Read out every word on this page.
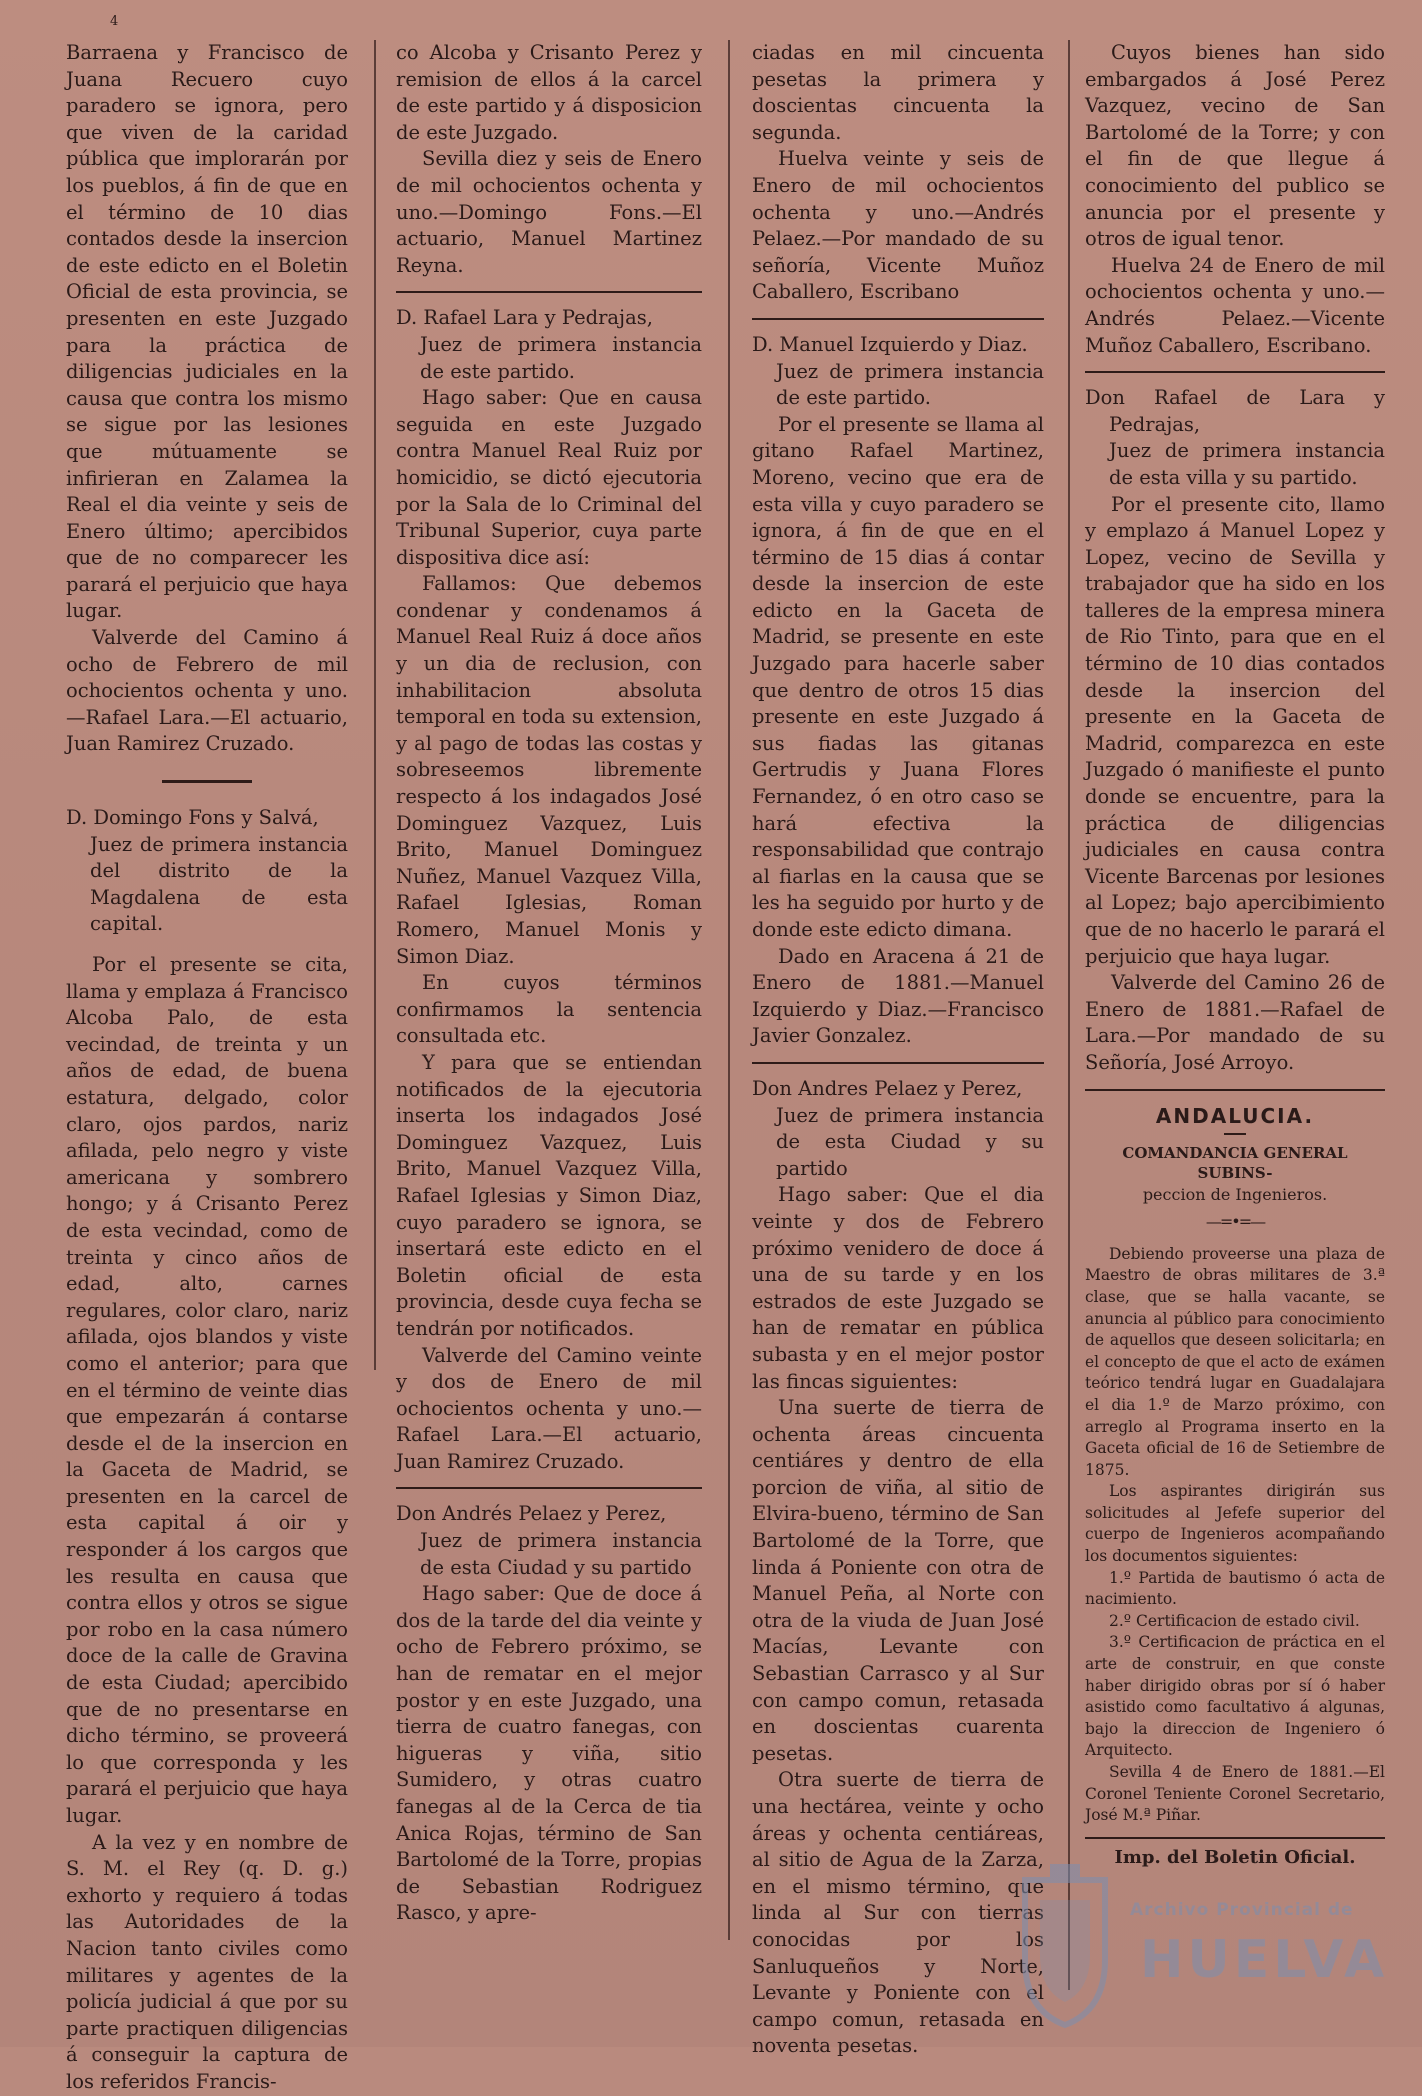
4

Barraena y Francisco de Juana Recuero cuyo paradero se ignora, pero que viven de la caridad pública que implorarán por los pueblos, á fin de que en el término de 10 dias contados desde la insercion de este edicto en el Boletin Oficial de esta provincia, se presenten en este Juzgado para la práctica de diligencias judiciales en la causa que contra los mismo se sigue por las lesiones que mútuamente se infirieran en Zalamea la Real el dia veinte y seis de Enero último; apercibidos que de no comparecer les parará el perjuicio que haya lugar.

Valverde del Camino á ocho de Febrero de mil ochocientos ochenta y uno.—Rafael Lara.—El actuario, Juan Ramirez Cruzado.

D. Domingo Fons y Salvá,
Juez de primera instancia del distrito de la Magdalena de esta capital.

Por el presente se cita, llama y emplaza á Francisco Alcoba Palo, de esta vecindad, de treinta y un años de edad, de buena estatura, delgado, color claro, ojos pardos, nariz afilada, pelo negro y viste americana y sombrero hongo; y á Crisanto Perez de esta vecindad, como de treinta y cinco años de edad, alto, carnes regulares, color claro, nariz afilada, ojos blandos y viste como el anterior; para que en el término de veinte dias que empezarán á contarse desde el de la insercion en la Gaceta de Madrid, se presenten en la carcel de esta capital á oir y responder á los cargos que les resulta en causa que contra ellos y otros se sigue por robo en la casa número doce de la calle de Gravina de esta Ciudad; apercibido que de no presentarse en dicho término, se proveerá lo que corresponda y les parará el perjuicio que haya lugar.

A la vez y en nombre de S. M. el Rey (q. D. g.) exhorto y requiero á todas las Autoridades de la Nacion tanto civiles como militares y agentes de la policía judicial á que por su parte practiquen diligencias á conseguir la captura de los referidos Francis-

co Alcoba y Crisanto Perez y remision de ellos á la carcel de este partido y á disposicion de este Juzgado.

Sevilla diez y seis de Enero de mil ochocientos ochenta y uno.—Domingo Fons.—El actuario, Manuel Martinez Reyna.

D. Rafael Lara y Pedrajas,
Juez de primera instancia de este partido.

Hago saber: Que en causa seguida en este Juzgado contra Manuel Real Ruiz por homicidio, se dictó ejecutoria por la Sala de lo Criminal del Tribunal Superior, cuya parte dispositiva dice así:

Fallamos: Que debemos condenar y condenamos á Manuel Real Ruiz á doce años y un dia de reclusion, con inhabilitacion absoluta temporal en toda su extension, y al pago de todas las costas y sobreseemos libremente respecto á los indagados José Dominguez Vazquez, Luis Brito, Manuel Dominguez Nuñez, Manuel Vazquez Villa, Rafael Iglesias, Roman Romero, Manuel Monis y Simon Diaz.

En cuyos términos confirmamos la sentencia consultada etc.

Y para que se entiendan notificados de la ejecutoria inserta los indagados José Dominguez Vazquez, Luis Brito, Manuel Vazquez Villa, Rafael Iglesias y Simon Diaz, cuyo paradero se ignora, se insertará este edicto en el Boletin oficial de esta provincia, desde cuya fecha se tendrán por notificados.

Valverde del Camino veinte y dos de Enero de mil ochocientos ochenta y uno.—Rafael Lara.—El actuario, Juan Ramirez Cruzado.

Don Andrés Pelaez y Perez,
Juez de primera instancia de esta Ciudad y su partido

Hago saber: Que de doce á dos de la tarde del dia veinte y ocho de Febrero próximo, se han de rematar en el mejor postor y en este Juzgado, una tierra de cuatro fanegas, con higueras y viña, sitio Sumidero, y otras cuatro fanegas al de la Cerca de tia Anica Rojas, término de San Bartolomé de la Torre, propias de Sebastian Rodriguez Rasco, y apre-

ciadas en mil cincuenta pesetas la primera y doscientas cincuenta la segunda.

Huelva veinte y seis de Enero de mil ochocientos ochenta y uno.—Andrés Pelaez.—Por mandado de su señoría, Vicente Muñoz Caballero, Escribano

D. Manuel Izquierdo y Diaz.
Juez de primera instancia de este partido.

Por el presente se llama al gitano Rafael Martinez, Moreno, vecino que era de esta villa y cuyo paradero se ignora, á fin de que en el término de 15 dias á contar desde la insercion de este edicto en la Gaceta de Madrid, se presente en este Juzgado para hacerle saber que dentro de otros 15 dias presente en este Juzgado á sus fiadas las gitanas Gertrudis y Juana Flores Fernandez, ó en otro caso se hará efectiva la responsabilidad que contrajo al fiarlas en la causa que se les ha seguido por hurto y de donde este edicto dimana.

Dado en Aracena á 21 de Enero de 1881.—Manuel Izquierdo y Diaz.—Francisco Javier Gonzalez.

Don Andres Pelaez y Perez,
Juez de primera instancia de esta Ciudad y su partido

Hago saber: Que el dia veinte y dos de Febrero próximo venidero de doce á una de su tarde y en los estrados de este Juzgado se han de rematar en pública subasta y en el mejor postor las fincas siguientes:

Una suerte de tierra de ochenta áreas cincuenta centiáres y dentro de ella porcion de viña, al sitio de Elvira-bueno, término de San Bartolomé de la Torre, que linda á Poniente con otra de Manuel Peña, al Norte con otra de la viuda de Juan José Macías, Levante con Sebastian Carrasco y al Sur con campo comun, retasada en doscientas cuarenta pesetas.

Otra suerte de tierra de una hectárea, veinte y ocho áreas y ochenta centiáreas, al sitio de Agua de la Zarza, en el mismo término, que linda al Sur con tierras conocidas por los Sanluqueños y Norte, Levante y Poniente con el campo comun, retasada en noventa pesetas.

Cuyos bienes han sido embargados á José Perez Vazquez, vecino de San Bartolomé de la Torre; y con el fin de que llegue á conocimiento del publico se anuncia por el presente y otros de igual tenor.

Huelva 24 de Enero de mil ochocientos ochenta y uno.—Andrés Pelaez.—Vicente Muñoz Caballero, Escribano.

Don Rafael de Lara y Pedrajas,
Juez de primera instancia de esta villa y su partido.

Por el presente cito, llamo y emplazo á Manuel Lopez y Lopez, vecino de Sevilla y trabajador que ha sido en los talleres de la empresa minera de Rio Tinto, para que en el término de 10 dias contados desde la insercion del presente en la Gaceta de Madrid, comparezca en este Juzgado ó manifieste el punto donde se encuentre, para la práctica de diligencias judiciales en causa contra Vicente Barcenas por lesiones al Lopez; bajo apercibimiento que de no hacerlo le parará el perjuicio que haya lugar.

Valverde del Camino 26 de Enero de 1881.—Rafael de Lara.—Por mandado de su Señoría, José Arroyo.

ANDALUCIA.
COMANDANCIA GENERAL SUBINS-
peccion de Ingenieros.
—=•=—

Debiendo proveerse una plaza de Maestro de obras militares de 3.ª clase, que se halla vacante, se anuncia al público para conocimiento de aquellos que deseen solicitarla; en el concepto de que el acto de exámen teórico tendrá lugar en Guadalajara el dia 1.º de Marzo próximo, con arreglo al Programa inserto en la Gaceta oficial de 16 de Setiembre de 1875.

Los aspirantes dirigirán sus solicitudes al Jefefe superior del cuerpo de Ingenieros acompañando los documentos siguientes:

1.º Partida de bautismo ó acta de nacimiento.

2.º Certificacion de estado civil.

3.º Certificacion de práctica en el arte de construir, en que conste haber dirigido obras por sí ó haber asistido como facultativo á algunas, bajo la direccion de Ingeniero ó Arquitecto.

Sevilla 4 de Enero de 1881.—El Coronel Teniente Coronel Secretario, José M.ª Piñar.

Imp. del Boletin Oficial.
Archivo Provincial de
HUELVA
